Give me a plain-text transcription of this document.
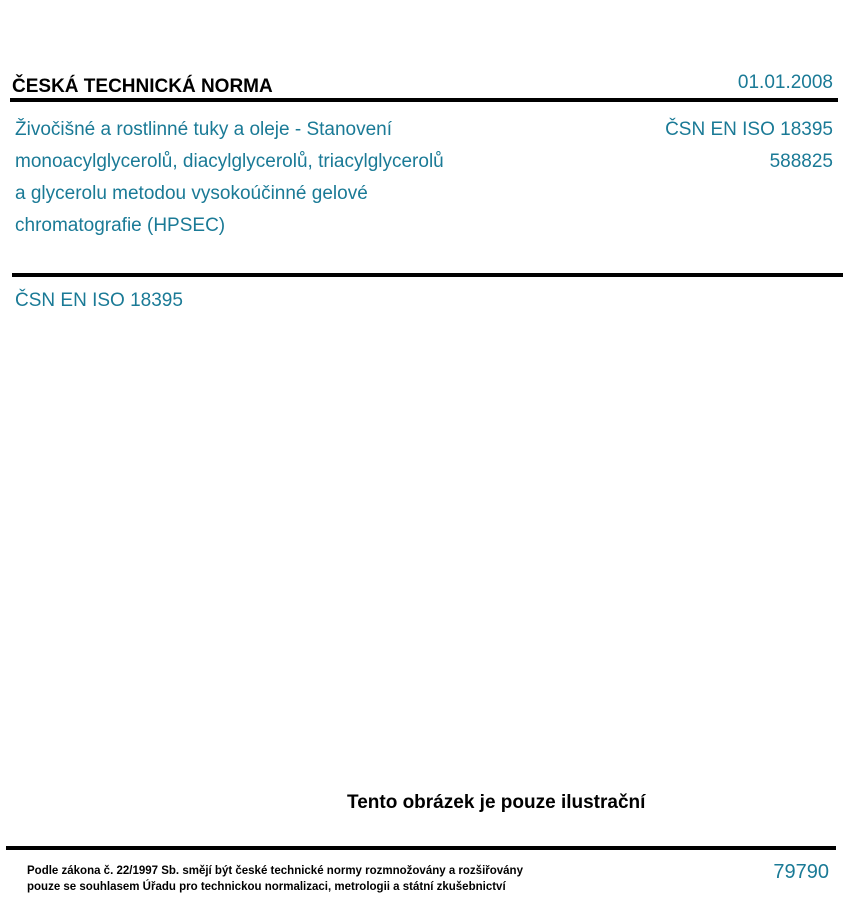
ČESKÁ TECHNICKÁ NORMA	01.01.2008
Živočišné a rostlinné tuky a oleje - Stanovení
monoacylglycerolů, diacylglycerolů, triacylglycerolů
a glycerolu metodou vysokoúčinné gelové
chromatografie (HPSEC)
ČSN EN ISO 18395
588825
ČSN EN ISO 18395
Tento obrázek je pouze ilustrační
Podle zákona č. 22/1997 Sb. smějí být české technické normy rozmnožovány a rozšiřovány
pouze se souhlasem Úřadu pro technickou normalizaci, metrologii a státní zkušebnictví
79790
